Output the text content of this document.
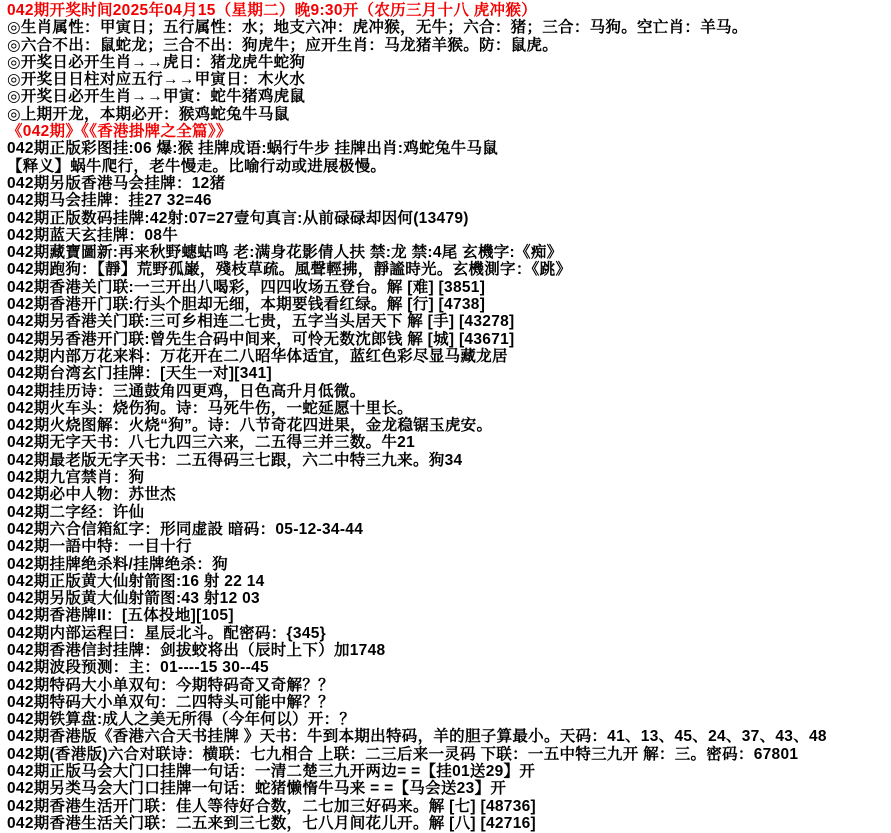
042期开奖时间2025年04月15（星期二）晚9:30开（农历三月十八 虎冲猴）
◎生肖属性：甲寅日；五行属性：水；地支六冲：虎冲猴，无牛；六合：猪；三合：马狗。空亡肖：羊马。
◎六合不出：鼠蛇龙；三合不出：狗虎牛；应开生肖：马龙猪羊猴。防：鼠虎。
◎开奖日必开生肖→→虎日：猪龙虎牛蛇狗
◎开奖日日柱对应五行→→甲寅日：木火水
◎开奖日必开生肖→→甲寅：蛇牛猪鸡虎鼠
◎上期开龙，本期必开：猴鸡蛇兔牛马鼠
《042期》《《香港掛牌之全篇》》
042期正版彩图挂:06 爆:猴 挂牌成语:蜗行牛步 挂牌出肖:鸡蛇兔牛马鼠
【释义】蜗牛爬行，老牛慢走。比喻行动或进展极慢。
042期另版香港马会挂牌：12猪
042期马会挂牌：挂27 32=46
042期正版数码挂牌:42射:07=27壹句真言:从前碌碌却因何(13479)
042期蓝天玄挂牌：08牛
042期藏寶圖新:再来秋野蟪蛄鸣 老:满身花影倩人扶 禁:龙 禁:4尾 玄機字:《痴》
042期跑狗：【靜】荒野孤巌，殘枝草疏。風聲輕拂，靜謐時光。玄機測字：《跳》
042期香港关门联:一三开出八喝彩，四四收场五登台。解 [难] [3851]
042期香港开门联:行头个胆却无细，本期要钱看红绿。解 [行] [4738]
042期另香港关门联:三可乡相连二七贵，五字当头居天下 解 [手] [43278]
042期另香港开门联:曾先生合码中间来，可怜无数沈郎钱 解 [城] [43671]
042期内部万花来料：万花开在二八昭华体适宜，蓝红色彩尽显马藏龙居
042期台湾玄门挂牌：[天生一对][341]
042期挂历诗：三通鼓角四更鸡，日色高升月低微。
042期火车头：烧伤狗。诗：马死牛伤，一蛇延愿十里长。
042期火烧图解：火烧“狗”。诗：八节奇花四进果，金龙稳锯玉虎安。
042期无字天书：八七九四三六来，二五得三并三数。牛21
042期最老版无字天书：二五得码三七跟，六二中特三九来。狗34
042期九宫禁肖：狗
042期必中人物：苏世杰
042期二字经：许仙
042期六合信箱紅字：形同虚設 暗码：05-12-34-44
042期一語中特：一目十行
042期挂牌绝杀料/挂牌绝杀：狗
042期正版黄大仙射箭图:16 射 22 14
042期另版黄大仙射箭图:43 射12 03
042期香港牌II：[五体投地][105]
042期内部运程曰：星辰北斗。配密码：{345}
042期香港信封挂牌：剑拔蛟将出（辰时上下）加1748
042期波段预测：主：01----15 30--45
042期特码大小单双句：今期特码奇又奇解？？
042期特码大小单双句：二四特头可能中解？？
042期铁算盘:成人之美无所得（今年何以）开：？
042期香港版《香港六合天书挂牌 》天书：牛到本期出特码，羊的胆子算最小。天码：41、13、45、24、37、43、48
042期(香港版)六合对联诗：横联：七九相合 上联：二三后来一灵码 下联：一五中特三九开 解：三。密码：67801
042期正版马会大门口挂牌一句话：一清二楚三九开两边= =【挂01送29】开
042期另类马会大门口挂牌一句话：蛇猪懒惰牛马来 = =【马会送23】开
042期香港生活开门联：佳人等待好合数，二七加三好码来。解 [七] [48736]
042期香港生活关门联：二五来到三七数，七八月间花儿开。解 [八] [42716]
